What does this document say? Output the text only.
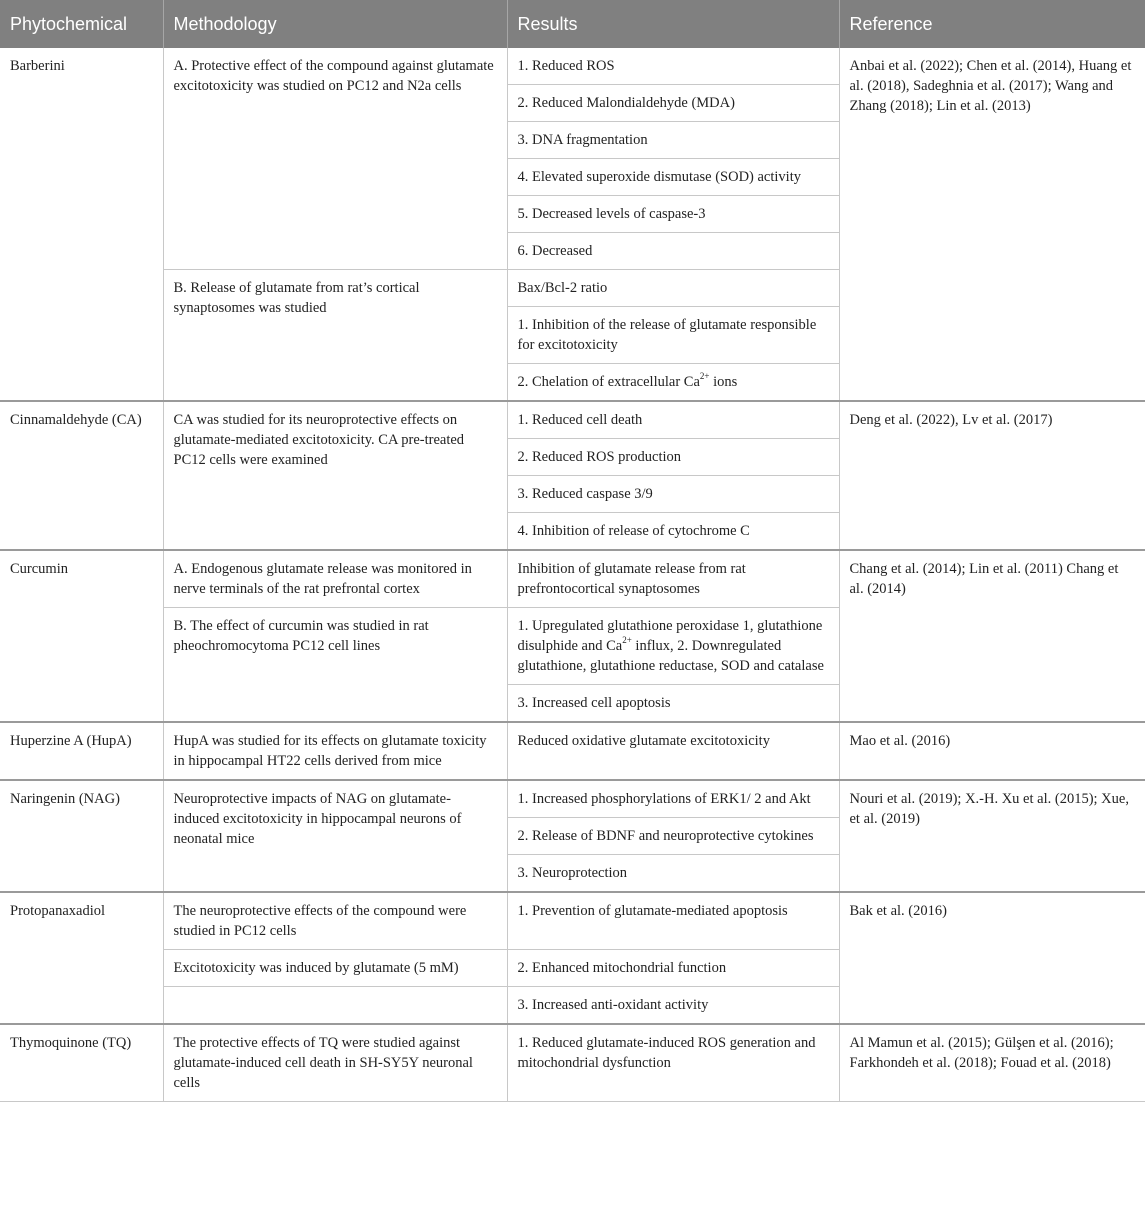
Phytochemical	Methodology	Results	Reference
Barberini	A. Protective effect of the compound against glutamate excitotoxicity was studied on PC12 and N2a cells	1. Reduced ROS	Anbai et al. (2022); Chen et al. (2014), Huang et al. (2018), Sadeghnia et al. (2017); Wang and Zhang (2018); Lin et al. (2013)
		2. Reduced Malondialdehyde (MDA)	
		3. DNA fragmentation	
		4. Elevated superoxide dismutase (SOD) activity	
		5. Decreased levels of caspase-3	
		6. Decreased	
	B. Release of glutamate from rat’s cortical synaptosomes was studied	Bax/Bcl-2 ratio	
		1. Inhibition of the release of glutamate responsible for excitotoxicity	
		2. Chelation of extracellular $Ca^{2+}$ ions	
Cinnamaldehyde (CA)	CA was studied for its neuroprotective effects on glutamate-mediated excitotoxicity. CA pre-treated PC12 cells were examined	1. Reduced cell death	Deng et al. (2022), Lv et al. (2017)
		2. Reduced ROS production	
		3. Reduced caspase 3/9	
		4. Inhibition of release of cytochrome C	
Curcumin	A. Endogenous glutamate release was monitored in nerve terminals of the rat prefrontal cortex	Inhibition of glutamate release from rat prefrontocortical synaptosomes	Chang et al. (2014); Lin et al. (2011) Chang et al. (2014)
	B. The effect of curcumin was studied in rat pheochromocytoma PC12 cell lines	1. Upregulated glutathione peroxidase 1, glutathione disulphide and $Ca^{2+}$ influx, 2. Downregulated glutathione, glutathione reductase, SOD and catalase	
		3. Increased cell apoptosis	
Huperzine A (HupA)	HupA was studied for its effects on glutamate toxicity in hippocampal HT22 cells derived from mice	Reduced oxidative glutamate excitotoxicity	Mao et al. (2016)
Naringenin (NAG)	Neuroprotective impacts of NAG on glutamate-induced excitotoxicity in hippocampal neurons of neonatal mice	1. Increased phosphorylations of ERK1/ 2 and Akt	Nouri et al. (2019); X.-H. Xu et al. (2015); Xue, et al. (2019)
		2. Release of BDNF and neuroprotective cytokines	
		3. Neuroprotection	
Protopanaxadiol	The neuroprotective effects of the compound were studied in PC12 cells	1. Prevention of glutamate-mediated apoptosis	Bak et al. (2016)
	Excitotoxicity was induced by glutamate (5 mM)	2. Enhanced mitochondrial function	
		3. Increased anti-oxidant activity	
Thymoquinone (TQ)	The protective effects of TQ were studied against glutamate-induced cell death in SH-SY5Y neuronal cells	1. Reduced glutamate-induced ROS generation and mitochondrial dysfunction	Al Mamun et al. (2015); Gülşen et al. (2016); Farkhondeh et al. (2018); Fouad et al. (2018)
